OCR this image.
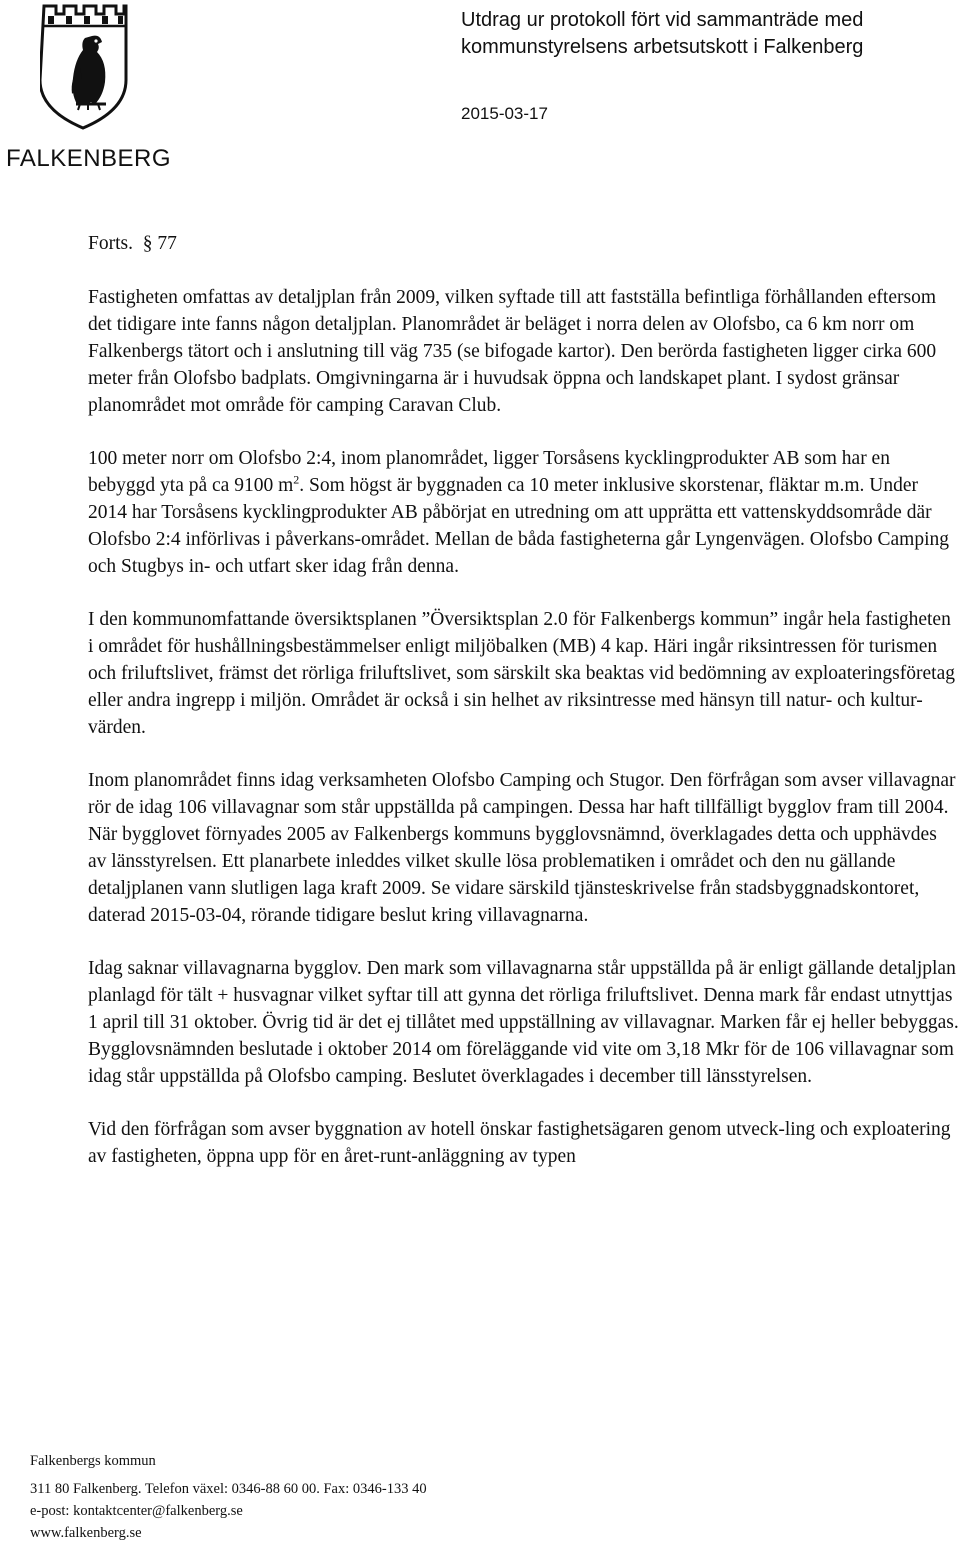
FALKENBERG
Utdrag ur protokoll fört vid sammanträde med
kommunstyrelsens arbetsutskott i Falkenberg
2015-03-17

Forts. § 77

Fastigheten omfattas av detaljplan från 2009, vilken syftade till att fastställa befintliga förhållanden eftersom det tidigare inte fanns någon detaljplan. Planområdet är beläget i norra delen av Olofsbo, ca 6 km norr om Falkenbergs tätort och i anslutning till väg 735 (se bifogade kartor). Den berörda fastigheten ligger cirka 600 meter från Olofsbo badplats. Omgivningarna är i huvudsak öppna och landskapet plant. I sydost gränsar planområdet mot område för camping Caravan Club.

100 meter norr om Olofsbo 2:4, inom planområdet, ligger Torsåsens kycklingprodukter AB som har en bebyggd yta på ca 9100 $m^2$. Som högst är byggnaden ca 10 meter inklusive skorstenar, fläktar m.m. Under 2014 har Torsåsens kycklingprodukter AB påbörjat en utredning om att upprätta ett vattenskyddsområde där Olofsbo 2:4 införlivas i påverkans-området. Mellan de båda fastigheterna går Lyngenvägen. Olofsbo Camping och Stugbys in- och utfart sker idag från denna.

I den kommunomfattande översiktsplanen ”Översiktsplan 2.0 för Falkenbergs kommun” ingår hela fastigheten i området för hushållningsbestämmelser enligt miljöbalken (MB) 4 kap. Häri ingår riksintressen för turismen och friluftslivet, främst det rörliga friluftslivet, som särskilt ska beaktas vid bedömning av exploateringsföretag eller andra ingrepp i miljön. Området är också i sin helhet av riksintresse med hänsyn till natur- och kultur-värden.

Inom planområdet finns idag verksamheten Olofsbo Camping och Stugor. Den förfrågan som avser villavagnar rör de idag 106 villavagnar som står uppställda på campingen. Dessa har haft tillfälligt bygglov fram till 2004. När bygglovet förnyades 2005 av Falkenbergs kommuns bygglovsnämnd, överklagades detta och upphävdes av länsstyrelsen. Ett planarbete inleddes vilket skulle lösa problematiken i området och den nu gällande detaljplanen vann slutligen laga kraft 2009. Se vidare särskild tjänsteskrivelse från stadsbyggnadskontoret, daterad 2015-03-04, rörande tidigare beslut kring villavagnarna.

Idag saknar villavagnarna bygglov. Den mark som villavagnarna står uppställda på är enligt gällande detaljplan planlagd för tält + husvagnar vilket syftar till att gynna det rörliga friluftslivet. Denna mark får endast utnyttjas 1 april till 31 oktober. Övrig tid är det ej tillåtet med uppställning av villavagnar. Marken får ej heller bebyggas.

Bygglovsnämnden beslutade i oktober 2014 om föreläggande vid vite om 3,18 Mkr för de 106 villavagnar som idag står uppställda på Olofsbo camping. Beslutet överklagades i december till länsstyrelsen.

Vid den förfrågan som avser byggnation av hotell önskar fastighetsägaren genom utveck-ling och exploatering av fastigheten, öppna upp för en året-runt-anläggning av typen

Falkenbergs kommun
311 80 Falkenberg. Telefon växel: 0346-88 60 00. Fax: 0346-133 40
e-post: kontaktcenter@falkenberg.se
www.falkenberg.se
